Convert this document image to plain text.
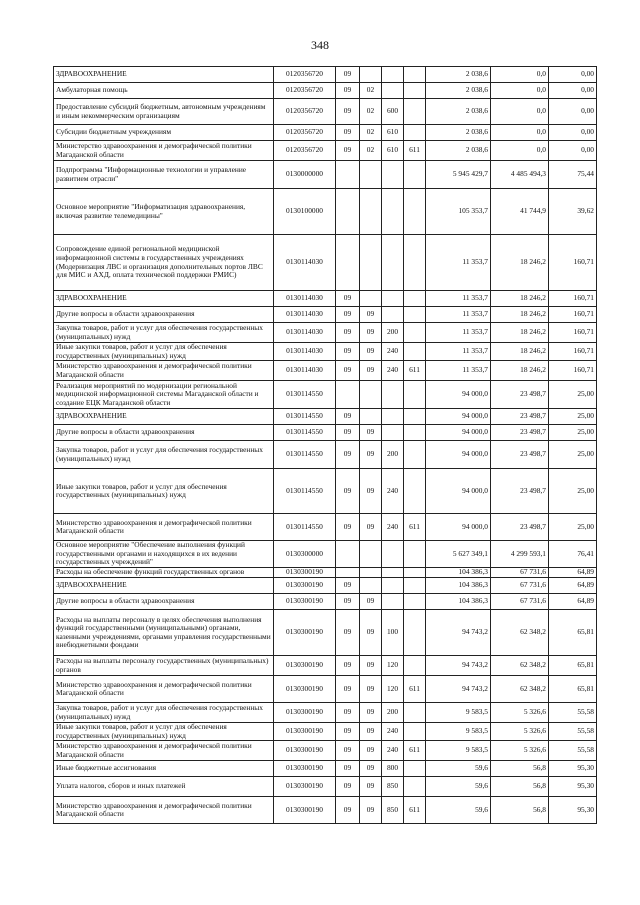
348
ЗДРАВООХРАНЕНИЕ	0120356720	09				2 038,6	0,0	0,00
Амбулаторная помощь	0120356720	09	02			2 038,6	0,0	0,00
Предоставление субсидий бюджетным, автономным учреждениям и иным некоммерческим организациям	0120356720	09	02	600		2 038,6	0,0	0,00
Субсидии бюджетным учреждениям	0120356720	09	02	610		2 038,6	0,0	0,00
Министерство здравоохранения и демографической политики Магаданской области	0120356720	09	02	610	611	2 038,6	0,0	0,00
Подпрограмма "Информационные технологии и управление развитием отрасли"	0130000000					5 945 429,7	4 485 494,3	75,44
Основное мероприятие "Информатизация здравоохранения, включая развитие телемедицины"	0130100000					105 353,7	41 744,9	39,62
Сопровождение единой региональной медицинской информационной системы в государственных учреждениях (Модернизация ЛВС и организация дополнительных портов ЛВС для МИС и АХД, оплата технической поддержки РМИС)	0130114030					11 353,7	18 246,2	160,71
ЗДРАВООХРАНЕНИЕ	0130114030	09				11 353,7	18 246,2	160,71
Другие вопросы в области здравоохранения	0130114030	09	09			11 353,7	18 246,2	160,71
Закупка товаров, работ и услуг для обеспечения государственных (муниципальных) нужд	0130114030	09	09	200		11 353,7	18 246,2	160,71
Иные закупки товаров, работ и услуг для обеспечения государственных (муниципальных) нужд	0130114030	09	09	240		11 353,7	18 246,2	160,71
Министерство здравоохранения и демографической политики Магаданской области	0130114030	09	09	240	611	11 353,7	18 246,2	160,71
Реализация мероприятий по модернизации региональной медицинской информационной системы Магаданской области и создание ЕЦК Магаданской области	0130114550					94 000,0	23 498,7	25,00
ЗДРАВООХРАНЕНИЕ	0130114550	09				94 000,0	23 498,7	25,00
Другие вопросы в области здравоохранения	0130114550	09	09			94 000,0	23 498,7	25,00
Закупка товаров, работ и услуг для обеспечения государственных (муниципальных) нужд	0130114550	09	09	200		94 000,0	23 498,7	25,00
Иные закупки товаров, работ и услуг для обеспечения государственных (муниципальных) нужд	0130114550	09	09	240		94 000,0	23 498,7	25,00
Министерство здравоохранения и демографической политики Магаданской области	0130114550	09	09	240	611	94 000,0	23 498,7	25,00
Основное мероприятие "Обеспечение выполнения функций государственными органами и находящихся в их ведении государственных учреждений"	0130300000					5 627 349,1	4 299 593,1	76,41
Расходы на обеспечение функций государственных органов	0130300190					104 386,3	67 731,6	64,89
ЗДРАВООХРАНЕНИЕ	0130300190	09				104 386,3	67 731,6	64,89
Другие вопросы в области здравоохранения	0130300190	09	09			104 386,3	67 731,6	64,89
Расходы на выплаты персоналу в целях обеспечения выполнения функций государственными (муниципальными) органами, казенными учреждениями, органами управления государственными внебюджетными фондами	0130300190	09	09	100		94 743,2	62 348,2	65,81
Расходы на выплаты персоналу государственных (муниципальных) органов	0130300190	09	09	120		94 743,2	62 348,2	65,81
Министерство здравоохранения и демографической политики Магаданской области	0130300190	09	09	120	611	94 743,2	62 348,2	65,81
Закупка товаров, работ и услуг для обеспечения государственных (муниципальных) нужд	0130300190	09	09	200		9 583,5	5 326,6	55,58
Иные закупки товаров, работ и услуг для обеспечения государственных (муниципальных) нужд	0130300190	09	09	240		9 583,5	5 326,6	55,58
Министерство здравоохранения и демографической политики Магаданской области	0130300190	09	09	240	611	9 583,5	5 326,6	55,58
Иные бюджетные ассигнования	0130300190	09	09	800		59,6	56,8	95,30
Уплата налогов, сборов и иных платежей	0130300190	09	09	850		59,6	56,8	95,30
Министерство здравоохранения и демографической политики Магаданской области	0130300190	09	09	850	611	59,6	56,8	95,30
